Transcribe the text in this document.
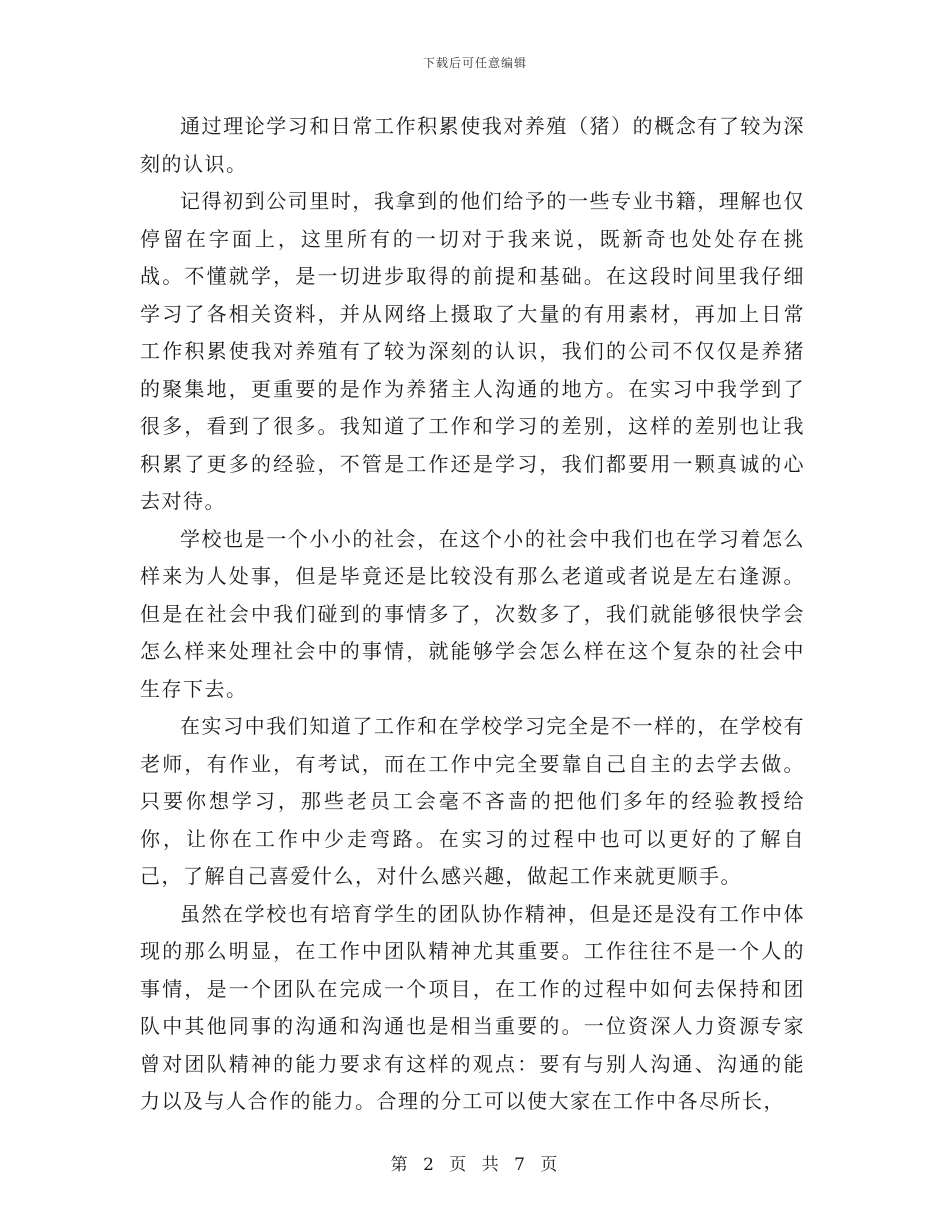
下载后可任意编辑

通过理论学习和日常工作积累使我对养殖（猪）的概念有了较为深刻的认识。

记得初到公司里时，我拿到的他们给予的一些专业书籍，理解也仅停留在字面上，这里所有的一切对于我来说，既新奇也处处存在挑战。不懂就学，是一切进步取得的前提和基础。在这段时间里我仔细学习了各相关资料，并从网络上摄取了大量的有用素材，再加上日常工作积累使我对养殖有了较为深刻的认识，我们的公司不仅仅是养猪的聚集地，更重要的是作为养猪主人沟通的地方。在实习中我学到了很多，看到了很多。我知道了工作和学习的差别，这样的差别也让我积累了更多的经验，不管是工作还是学习，我们都要用一颗真诚的心去对待。

学校也是一个小小的社会，在这个小的社会中我们也在学习着怎么样来为人处事，但是毕竟还是比较没有那么老道或者说是左右逢源。但是在社会中我们碰到的事情多了，次数多了，我们就能够很快学会怎么样来处理社会中的事情，就能够学会怎么样在这个复杂的社会中生存下去。

在实习中我们知道了工作和在学校学习完全是不一样的，在学校有老师，有作业，有考试，而在工作中完全要靠自己自主的去学去做。只要你想学习，那些老员工会毫不吝啬的把他们多年的经验教授给你，让你在工作中少走弯路。在实习的过程中也可以更好的了解自己，了解自己喜爱什么，对什么感兴趣，做起工作来就更顺手。

虽然在学校也有培育学生的团队协作精神，但是还是没有工作中体现的那么明显，在工作中团队精神尤其重要。工作往往不是一个人的事情，是一个团队在完成一个项目，在工作的过程中如何去保持和团队中其他同事的沟通和沟通也是相当重要的。一位资深人力资源专家曾对团队精神的能力要求有这样的观点：要有与别人沟通、沟通的能力以及与人合作的能力。合理的分工可以使大家在工作中各尽所长，

第 2 页 共 7 页
